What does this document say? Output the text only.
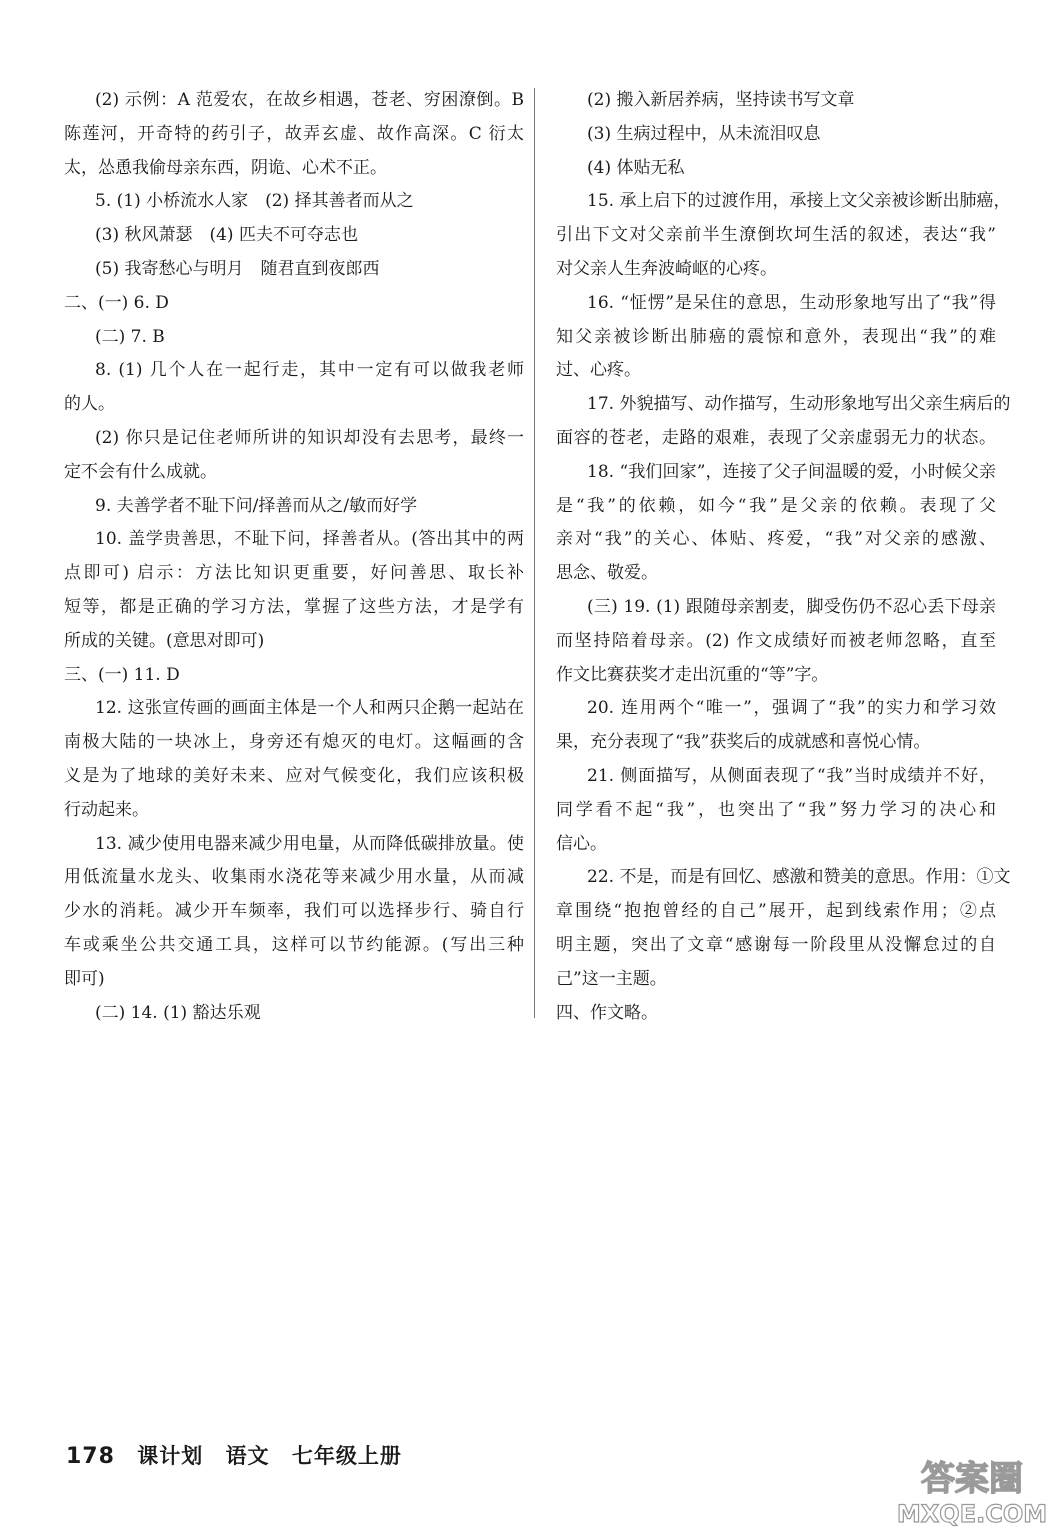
(2) 示例：A 范爱农，在故乡相遇，苍老、穷困潦倒。B
陈莲河，开奇特的药引子，故弄玄虚、故作高深。C 衍太
太，怂恿我偷母亲东西，阴诡、心术不正。
5. (1) 小桥流水人家　(2) 择其善者而从之
(3) 秋风萧瑟　(4) 匹夫不可夺志也
(5) 我寄愁心与明月　随君直到夜郎西
二、(一) 6. D
(二) 7. B
8. (1) 几个人在一起行走，其中一定有可以做我老师
的人。
(2) 你只是记住老师所讲的知识却没有去思考，最终一
定不会有什么成就。
9. 夫善学者不耻下问/择善而从之/敏而好学
10. 盖学贵善思，不耻下问，择善者从。(答出其中的两
点即可) 启示：方法比知识更重要，好问善思、取长补
短等，都是正确的学习方法，掌握了这些方法，才是学有
所成的关键。(意思对即可)
三、(一) 11. D
12. 这张宣传画的画面主体是一个人和两只企鹅一起站在
南极大陆的一块冰上，身旁还有熄灭的电灯。这幅画的含
义是为了地球的美好未来、应对气候变化，我们应该积极
行动起来。
13. 减少使用电器来减少用电量，从而降低碳排放量。使
用低流量水龙头、收集雨水浇花等来减少用水量，从而减
少水的消耗。减少开车频率，我们可以选择步行、骑自行
车或乘坐公共交通工具，这样可以节约能源。(写出三种
即可)
(二) 14. (1) 豁达乐观
(2) 搬入新居养病，坚持读书写文章
(3) 生病过程中，从未流泪叹息
(4) 体贴无私
15. 承上启下的过渡作用，承接上文父亲被诊断出肺癌，
引出下文对父亲前半生潦倒坎坷生活的叙述，表达“我”
对父亲人生奔波崎岖的心疼。
16. “怔愣”是呆住的意思，生动形象地写出了“我”得
知父亲被诊断出肺癌的震惊和意外，表现出“我”的难
过、心疼。
17. 外貌描写、动作描写，生动形象地写出父亲生病后的
面容的苍老，走路的艰难，表现了父亲虚弱无力的状态。
18. “我们回家”，连接了父子间温暖的爱，小时候父亲
是“我”的依赖，如今“我”是父亲的依赖。表现了父
亲对“我”的关心、体贴、疼爱，“我”对父亲的感激、
思念、敬爱。
(三) 19. (1) 跟随母亲割麦，脚受伤仍不忍心丢下母亲
而坚持陪着母亲。(2) 作文成绩好而被老师忽略，直至
作文比赛获奖才走出沉重的“等”字。
20. 连用两个“唯一”，强调了“我”的实力和学习效
果，充分表现了“我”获奖后的成就感和喜悦心情。
21. 侧面描写，从侧面表现了“我”当时成绩并不好，
同学看不起“我”，也突出了“我”努力学习的决心和
信心。
22. 不是，而是有回忆、感激和赞美的意思。作用：①文
章围绕“抱抱曾经的自己”展开，起到线索作用；②点
明主题，突出了文章“感谢每一阶段里从没懈怠过的自
己”这一主题。
四、作文略。
178 课计划 语文 七年级上册
答案圈
MXQE.COM
